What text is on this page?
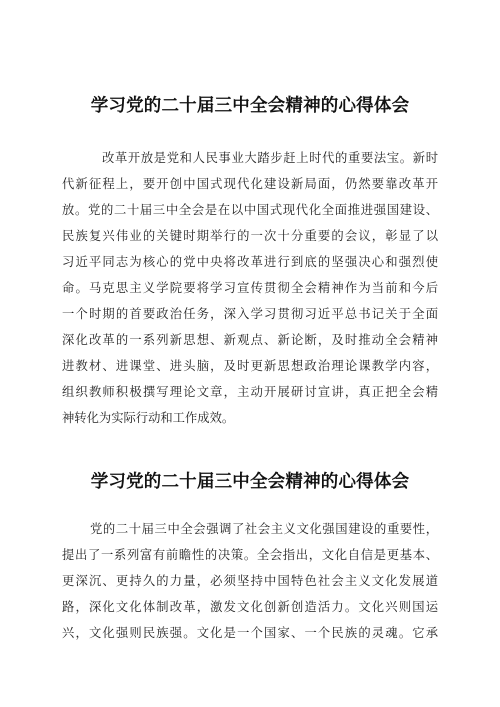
学习党的二十届三中全会精神的心得体会
改革开放是党和人民事业大踏步赶上时代的重要法宝。新时
代新征程上，要开创中国式现代化建设新局面，仍然要靠改革开
放。党的二十届三中全会是在以中国式现代化全面推进强国建设、
民族复兴伟业的关键时期举行的一次十分重要的会议，彰显了以
习近平同志为核心的党中央将改革进行到底的坚强决心和强烈使
命。马克思主义学院要将学习宣传贯彻全会精神作为当前和今后
一个时期的首要政治任务，深入学习贯彻习近平总书记关于全面
深化改革的一系列新思想、新观点、新论断，及时推动全会精神
进教材、进课堂、进头脑，及时更新思想政治理论课教学内容，
组织教师积极撰写理论文章，主动开展研讨宣讲，真正把全会精
神转化为实际行动和工作成效。
学习党的二十届三中全会精神的心得体会
党的二十届三中全会强调了社会主义文化强国建设的重要性，
提出了一系列富有前瞻性的决策。全会指出，文化自信是更基本、
更深沉、更持久的力量，必须坚持中国特色社会主义文化发展道
路，深化文化体制改革，激发文化创新创造活力。文化兴则国运
兴，文化强则民族强。文化是一个国家、一个民族的灵魂。它承
